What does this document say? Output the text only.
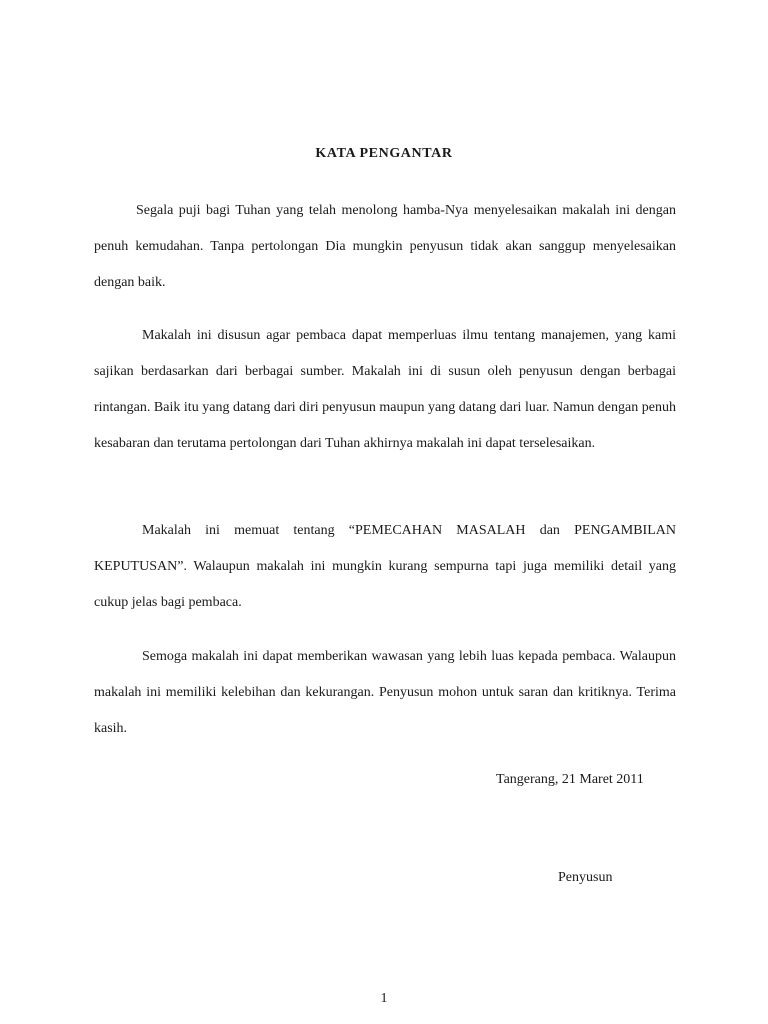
KATA PENGANTAR

Segala puji bagi Tuhan yang telah menolong hamba-Nya menyelesaikan makalah ini dengan penuh kemudahan. Tanpa pertolongan Dia mungkin penyusun tidak akan sanggup menyelesaikan dengan baik.

Makalah ini disusun agar pembaca dapat memperluas ilmu tentang manajemen, yang kami sajikan berdasarkan dari berbagai sumber. Makalah ini di susun oleh penyusun dengan berbagai rintangan. Baik itu yang datang dari diri penyusun maupun yang datang dari luar. Namun dengan penuh kesabaran dan terutama pertolongan dari Tuhan akhirnya makalah ini dapat terselesaikan.

Makalah ini memuat tentang “PEMECAHAN MASALAH dan PENGAMBILAN KEPUTUSAN”. Walaupun makalah ini mungkin kurang sempurna tapi juga memiliki detail yang cukup jelas bagi pembaca.

Semoga makalah ini dapat memberikan wawasan yang lebih luas kepada pembaca. Walaupun makalah ini memiliki kelebihan dan kekurangan. Penyusun mohon untuk saran dan kritiknya. Terima kasih.

Tangerang, 21 Maret 2011
Penyusun
1
